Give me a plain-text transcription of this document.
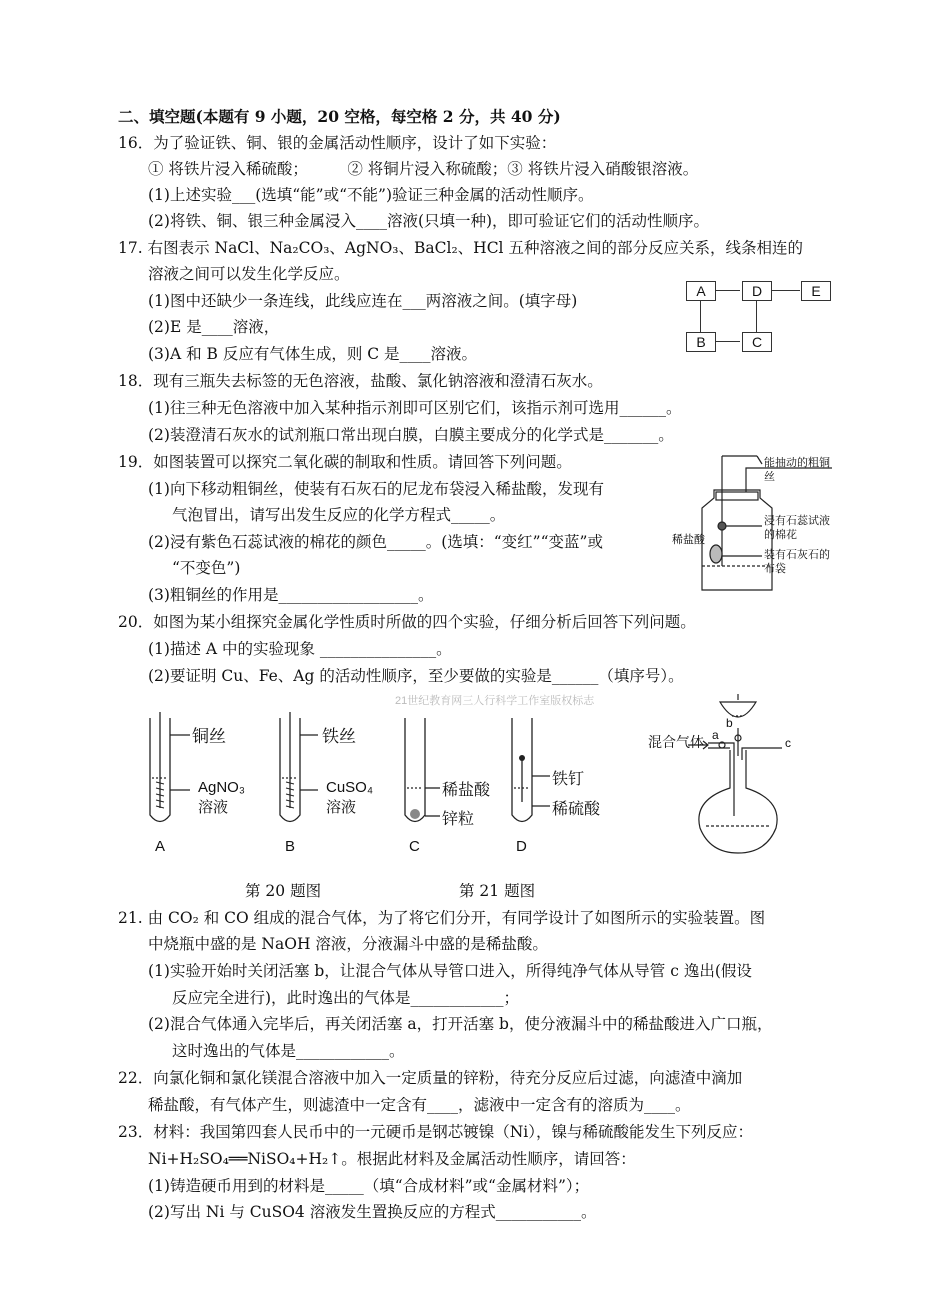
二、填空题(本题有 9 小题，20 空格，每空格 2 分，共 40 分)
16．为了验证铁、铜、银的金属活动性顺序，设计了如下实验：
① 将铁片浸入稀硫酸；        ② 将铜片浸入称硫酸；③ 将铁片浸入硝酸银溶液。
(1)上述实验___(选填“能”或“不能”)验证三种金属的活动性顺序。
(2)将铁、铜、银三种金属浸入____溶液(只填一种)，即可验证它们的活动性顺序。
17. 右图表示 NaCl、Na₂CO₃、AgNO₃、BaCl₂、HCl 五种溶液之间的部分反应关系，线条相连的
溶液之间可以发生化学反应。
(1)图中还缺少一条连线，此线应连在___两溶液之间。(填字母)
(2)E 是____溶液，
(3)A 和 B 反应有气体生成，则 C 是____溶液。
A	D	E
B	C
18．现有三瓶失去标签的无色溶液，盐酸、氯化钠溶液和澄清石灰水。
(1)往三种无色溶液中加入某种指示剂即可区别它们，该指示剂可选用______。
(2)装澄清石灰水的试剂瓶口常出现白膜，白膜主要成分的化学式是_______。
19．如图装置可以探究二氧化碳的制取和性质。请回答下列问题。
(1)向下移动粗铜丝，使装有石灰石的尼龙布袋浸入稀盐酸，发现有
气泡冒出，请写出发生反应的化学方程式_____。
(2)浸有紫色石蕊试液的棉花的颜色_____。(选填：“变红”“变蓝”或
“不变色”)
(3)粗铜丝的作用是__________________。
稀盐酸
能抽动的粗铜丝
浸有石蕊试液的棉花
装有石灰石的布袋
20．如图为某小组探究金属化学性质时所做的四个实验，仔细分析后回答下列问题。
(1)描述 A 中的实验现象 _______________。
(2)要证明 Cu、Fe、Ag 的活动性顺序，至少要做的实验是______（填序号）。
21世纪教育网三人行科学工作室版权标志
铜丝
AgNO₃溶液
A
铁丝
CuSO₄溶液
B
稀盐酸
锌粒
C
铁钉
稀硫酸
D
混合气体 a
b
c
第 20 题图	第 21 题图
21. 由 CO₂ 和 CO 组成的混合气体，为了将它们分开，有同学设计了如图所示的实验装置。图
中烧瓶中盛的是 NaOH 溶液，分液漏斗中盛的是稀盐酸。
(1)实验开始时关闭活塞 b，让混合气体从导管口进入，所得纯净气体从导管 c 逸出(假设
反应完全进行)，此时逸出的气体是____________；
(2)混合气体通入完毕后，再关闭活塞 a，打开活塞 b，使分液漏斗中的稀盐酸进入广口瓶，
这时逸出的气体是____________。
22．向氯化铜和氯化镁混合溶液中加入一定质量的锌粉，待充分反应后过滤，向滤渣中滴加
稀盐酸，有气体产生，则滤渣中一定含有____，滤液中一定含有的溶质为____。
23．材料：我国第四套人民币中的一元硬币是钢芯镀镍（Ni），镍与稀硫酸能发生下列反应：
Ni+H₂SO₄══NiSO₄+H₂↑。根据此材料及金属活动性顺序，请回答：
(1)铸造硬币用到的材料是_____（填“合成材料”或“金属材料”）；
(2)写出 Ni 与 CuSO4 溶液发生置换反应的方程式___________。
